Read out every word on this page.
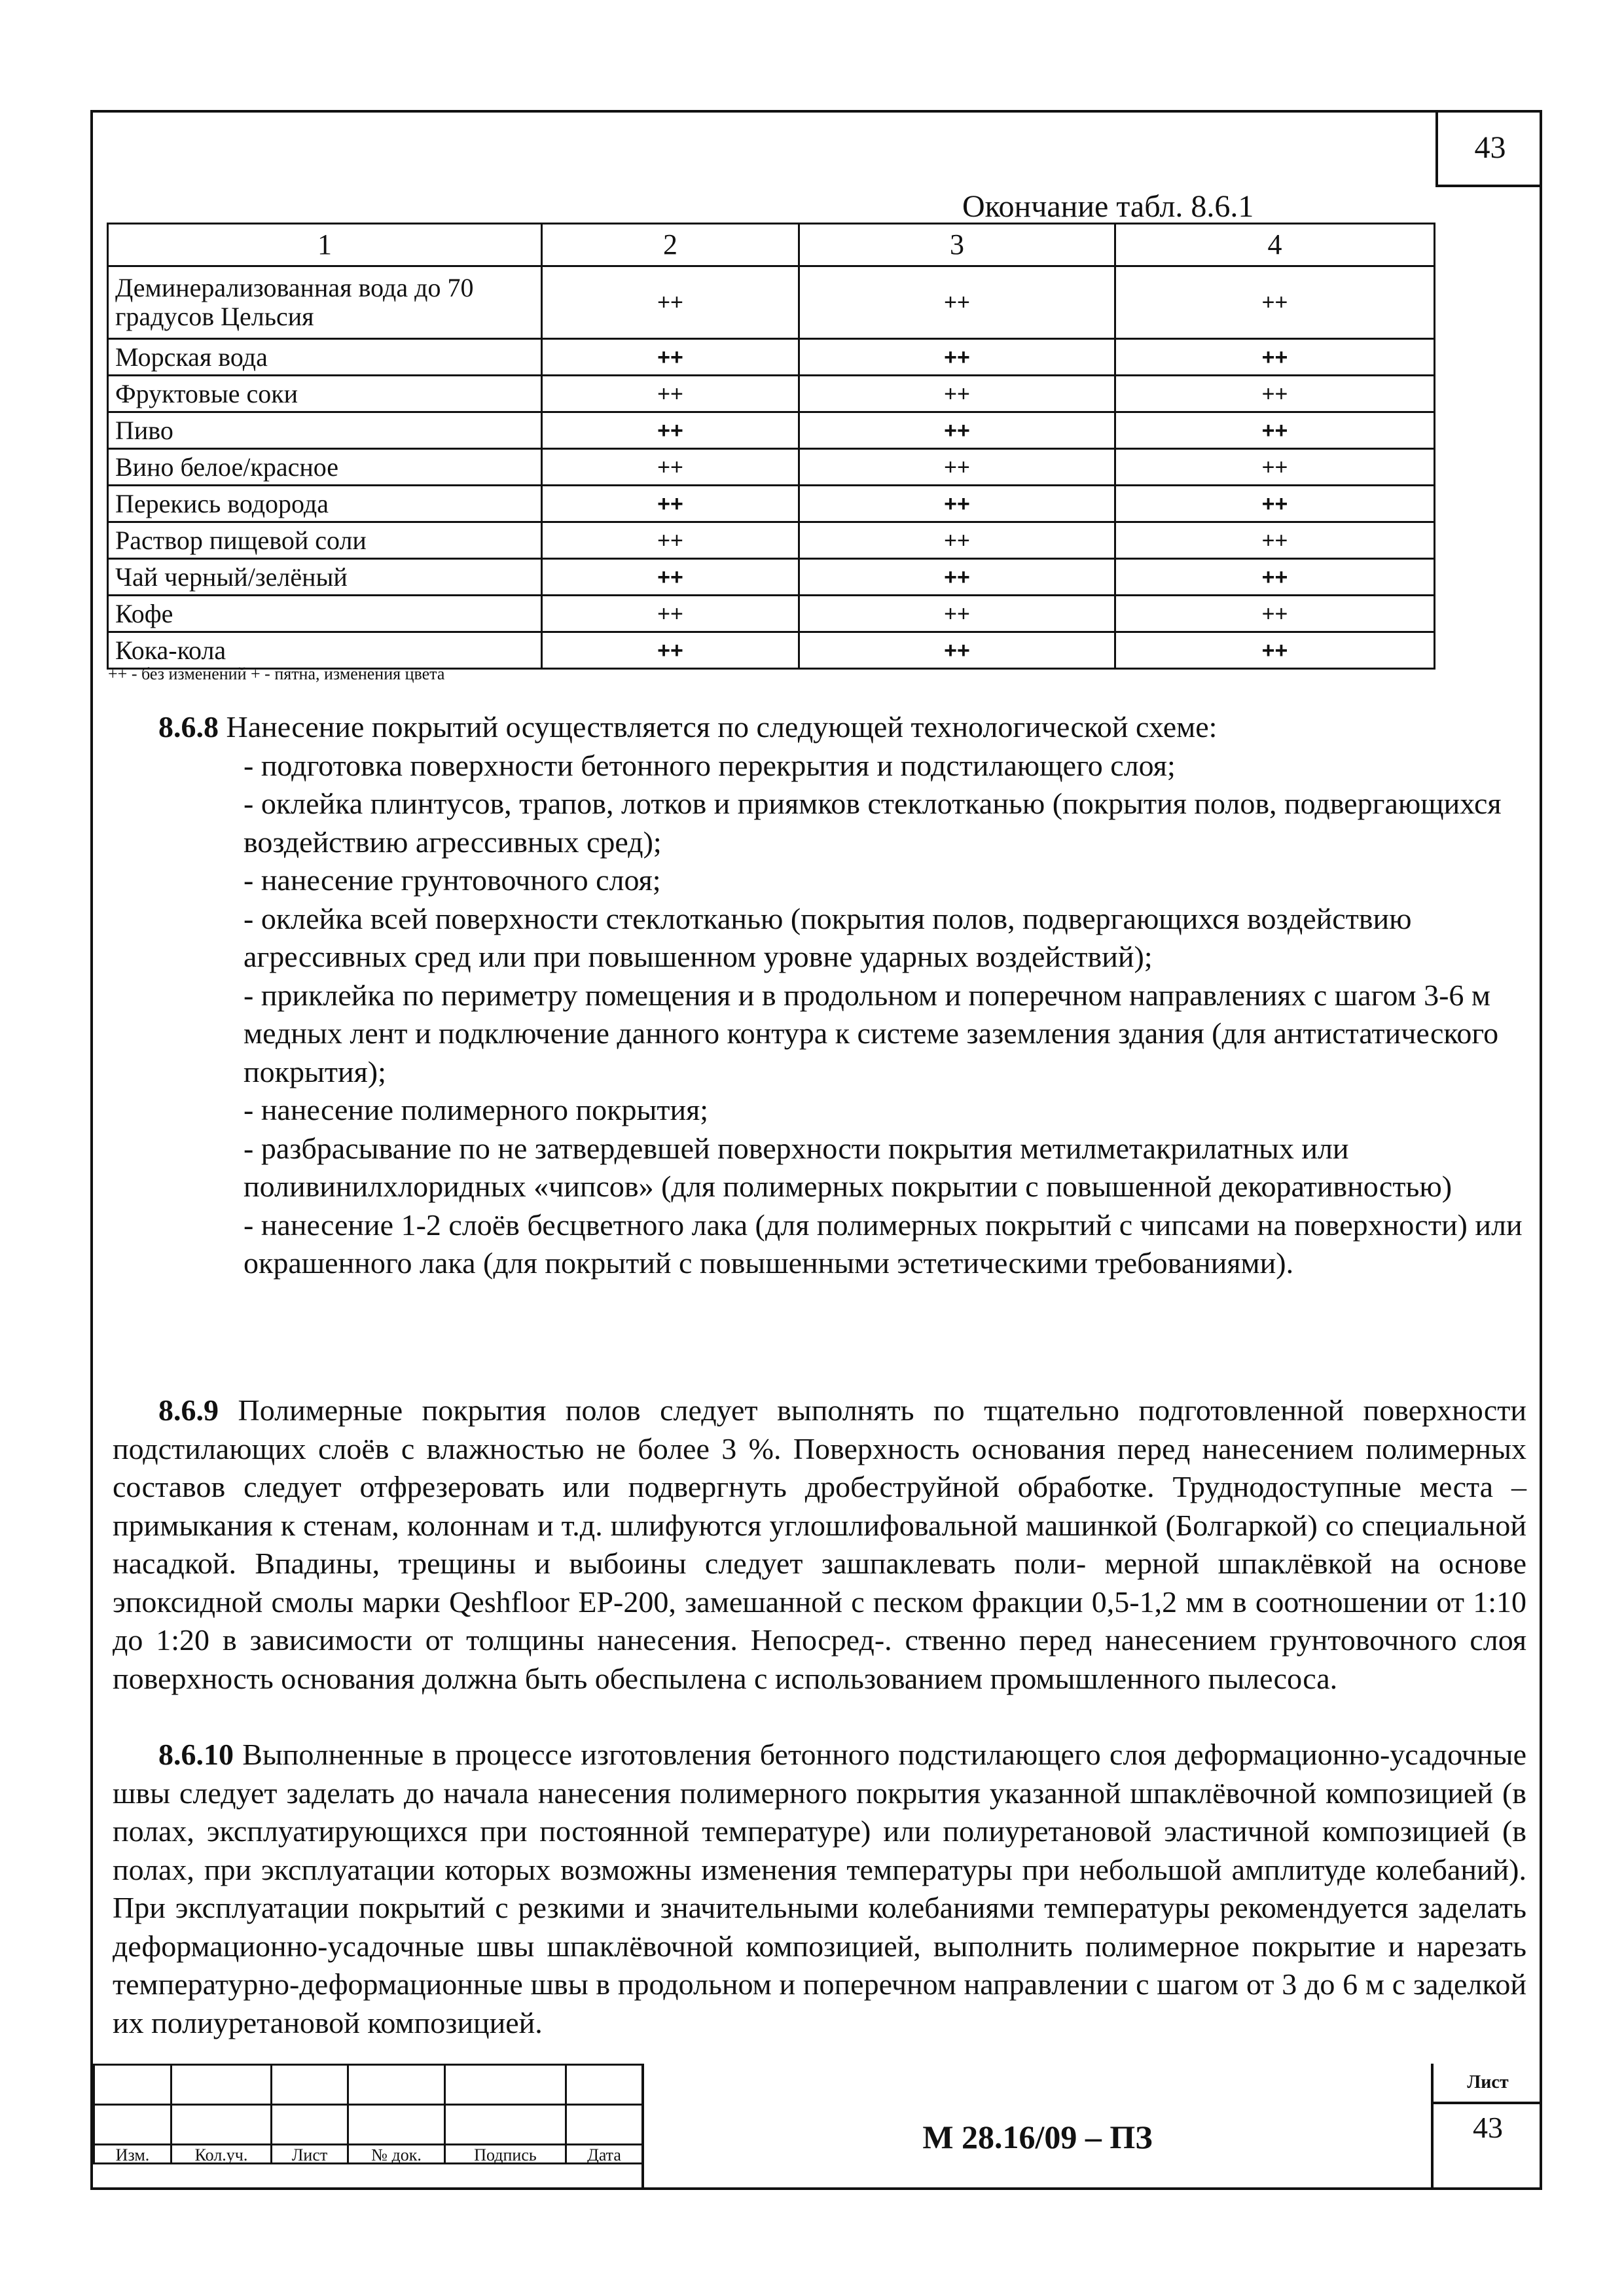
43
Окончание табл. 8.6.1
1	2	3	4
Деминерализованная вода до 70 градусов Цельсия	++	++	++
Морская вода	++	++	++
Фруктовые соки	++	++	++
Пиво	++	++	++
Вино белое/красное	++	++	++
Перекись водорода	++	++	++
Раствор пищевой соли	++	++	++
Чай черный/зелёный	++	++	++
Кофе	++	++	++
Кока-кола	++	++	++
++ - без изменений + - пятна, изменения цвета
8.6.8 Нанесение покрытий осуществляется по следующей технологической схеме:
- подготовка поверхности бетонного перекрытия и подстилающего слоя;
- оклейка плинтусов, трапов, лотков и приямков стеклотканью (покрытия полов, подвергающихся воздействию агрессивных сред);
- нанесение грунтовочного слоя;
- оклейка всей поверхности стеклотканью (покрытия полов, подвергающихся воздействию агрессивных сред или при повышенном уровне ударных воздействий);
- приклейка по периметру помещения и в продольном и поперечном направлениях с шагом 3-6 м медных лент и подключение данного контура к системе заземления здания (для антистатического покрытия);
- нанесение полимерного покрытия;
- разбрасывание по не затвердевшей поверхности покрытия метилметакрилатных или поливинилхлоридных «чипсов» (для полимерных покрытии с повышенной декоративностью)
- нанесение 1-2 слоёв бесцветного лака (для полимерных покрытий с чипсами на поверхности) или окрашенного лака (для покрытий с повышенными эстетическими требованиями).
8.6.9 Полимерные покрытия полов следует выполнять по тщательно подготовленной поверхности подстилающих слоёв с влажностью не более 3 %. Поверхность основания перед нанесением полимерных составов следует отфрезеровать или подвергнуть дробеструйной обработке. Труднодоступные места – примыкания к стенам, колоннам и т.д. шлифуются углошлифовальной машинкой (Болгаркой) со специальной насадкой. Впадины, трещины и выбоины следует зашпаклевать поли- мерной шпаклёвкой на основе эпоксидной смолы марки Qeshfloor EP-200, замешанной с песком фракции 0,5-1,2 мм в соотношении от 1:10 до 1:20 в зависимости от толщины нанесения. Непосред-. ственно перед нанесением грунтовочного слоя поверхность основания должна быть обеспылена с использованием промышленного пылесоса.
8.6.10 Выполненные в процессе изготовления бетонного подстилающего слоя деформационно-усадочные швы следует заделать до начала нанесения полимерного покрытия указанной шпаклёвочной композицией (в полах, эксплуатирующихся при постоянной температуре) или полиуретановой эластичной композицией (в полах, при эксплуатации которых возможны изменения температуры при небольшой амплитуде колебаний). При эксплуатации покрытий с резкими и значительными колебаниями температуры рекомендуется заделать деформационно-усадочные швы шпаклёвочной композицией, выполнить полимерное покрытие и нарезать температурно-деформационные швы в продольном и поперечном направлении с шагом от 3 до 6 м с заделкой их полиуретановой композицией.

Изм.	Кол.уч.	Лист	№ док.	Подпись	Дата	М 28.16/09 – ПЗ
Лист
43
